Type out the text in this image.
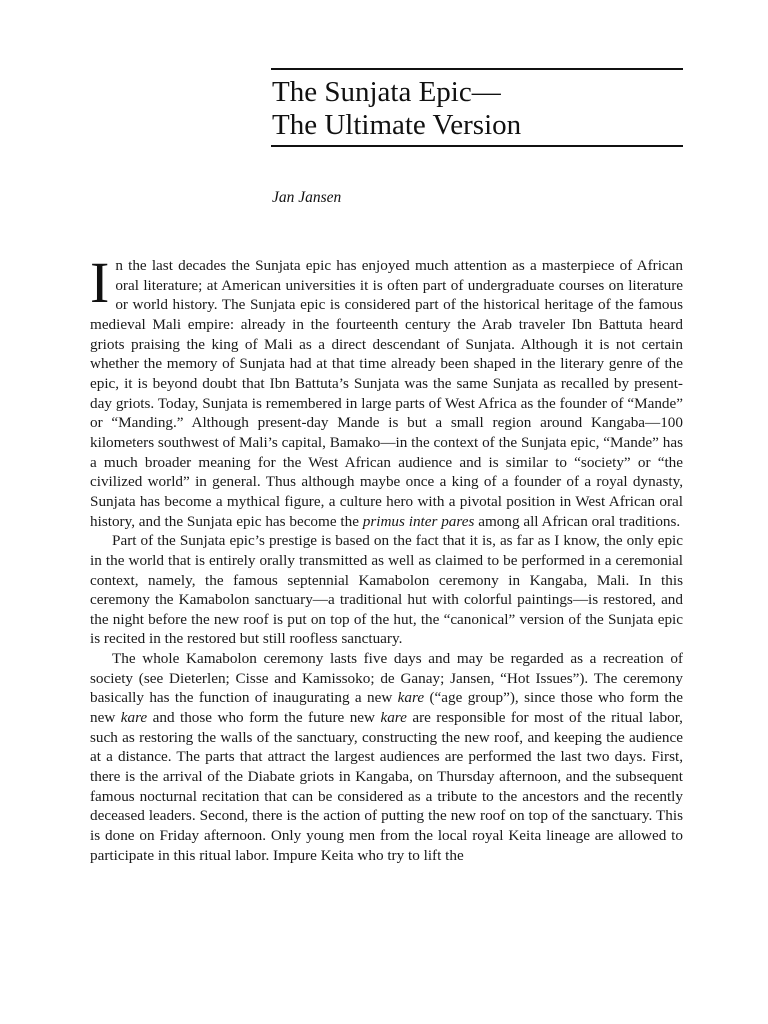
The Sunjata Epic—
The Ultimate Version
Jan Jansen

In the last decades the Sunjata epic has enjoyed much attention as a masterpiece of African oral literature; at American universities it is often part of undergraduate courses on literature or world history. The Sunjata epic is considered part of the historical heritage of the famous medieval Mali empire: already in the fourteenth century the Arab traveler Ibn Battuta heard griots praising the king of Mali as a direct descendant of Sunjata. Although it is not certain whether the memory of Sunjata had at that time already been shaped in the literary genre of the epic, it is beyond doubt that Ibn Battuta’s Sunjata was the same Sunjata as recalled by present-day griots. Today, Sunjata is remembered in large parts of West Africa as the founder of “Mande” or “Manding.” Although present-day Mande is but a small region around Kangaba—100 kilometers southwest of Mali’s capital, Bamako—in the context of the Sunjata epic, “Mande” has a much broader meaning for the West African audience and is similar to “society” or “the civilized world” in general. Thus although maybe once a king of a founder of a royal dynasty, Sunjata has become a mythical figure, a culture hero with a pivotal position in West African oral history, and the Sunjata epic has become the primus inter pares among all African oral traditions.

Part of the Sunjata epic’s prestige is based on the fact that it is, as far as I know, the only epic in the world that is entirely orally transmitted as well as claimed to be performed in a ceremonial context, namely, the famous septennial Kamabolon ceremony in Kangaba, Mali. In this ceremony the Kamabolon sanctuary—a traditional hut with colorful paintings—is restored, and the night before the new roof is put on top of the hut, the “canonical” version of the Sunjata epic is recited in the restored but still roofless sanctuary.

The whole Kamabolon ceremony lasts five days and may be regarded as a recreation of society (see Dieterlen; Cisse and Kamissoko; de Ganay; Jansen, “Hot Issues”). The ceremony basically has the function of inaugurating a new kare (“age group”), since those who form the new kare and those who form the future new kare are responsible for most of the ritual labor, such as restoring the walls of the sanctuary, constructing the new roof, and keeping the audience at a distance. The parts that attract the largest audiences are performed the last two days. First, there is the arrival of the Diabate griots in Kangaba, on Thursday afternoon, and the subsequent famous nocturnal recitation that can be considered as a tribute to the ancestors and the recently deceased leaders. Second, there is the action of putting the new roof on top of the sanctuary. This is done on Friday afternoon. Only young men from the local royal Keita lineage are allowed to participate in this ritual labor. Impure Keita who try to lift the
